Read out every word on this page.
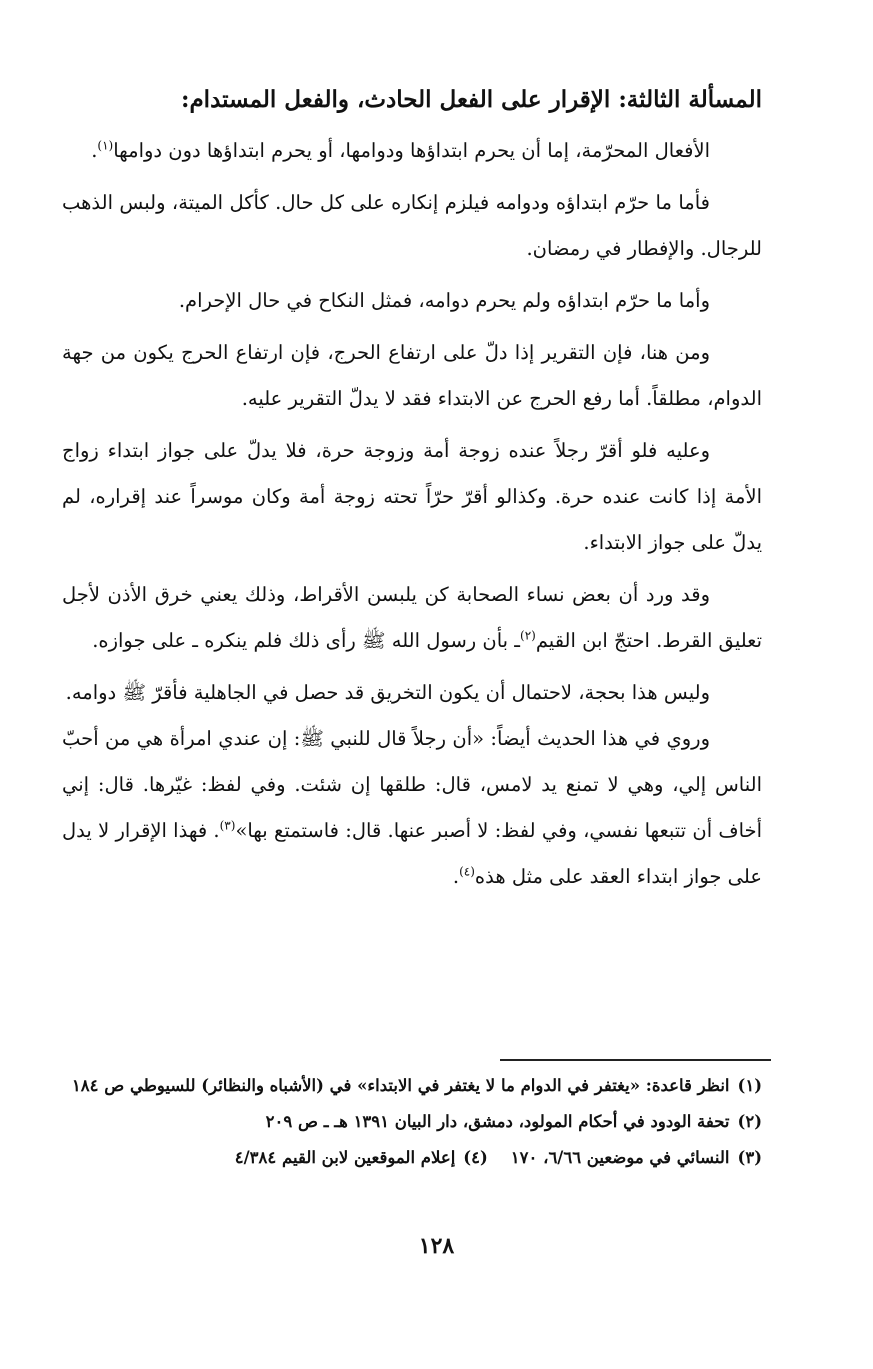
المسألة الثالثة: الإقرار على الفعل الحادث، والفعل المستدام:

الأفعال المحرّمة، إما أن يحرم ابتداؤها ودوامها، أو يحرم ابتداؤها دون دوامها$^{(١)}$.

فأما ما حرّم ابتداؤه ودوامه فيلزم إنكاره على كل حال. كأكل الميتة، ولبس الذهب للرجال. والإفطار في رمضان.

وأما ما حرّم ابتداؤه ولم يحرم دوامه، فمثل النكاح في حال الإحرام.

ومن هنا، فإن التقرير إذا دلّ على ارتفاع الحرج، فإن ارتفاع الحرج يكون من جهة الدوام، مطلقاً. أما رفع الحرج عن الابتداء فقد لا يدلّ التقرير عليه.

وعليه فلو أقرّ رجلاً عنده زوجة أمة وزوجة حرة، فلا يدلّ على جواز ابتداء زواج الأمة إذا كانت عنده حرة. وكذالو أقرّ حرّاً تحته زوجة أمة وكان موسراً عند إقراره، لم يدلّ على جواز الابتداء.

وقد ورد أن بعض نساء الصحابة كن يلبسن الأقراط، وذلك يعني خرق الأذن لأجل تعليق القرط. احتجّ ابن القيم$^{(٢)}$ـ بأن رسول الله ﷺ رأى ذلك فلم ينكره ـ على جوازه.

وليس هذا بحجة، لاحتمال أن يكون التخريق قد حصل في الجاهلية فأقرّ ﷺ دوامه.

وروي في هذا الحديث أيضاً: «أن رجلاً قال للنبي ﷺ: إن عندي امرأة هي من أحبّ الناس إلي، وهي لا تمنع يد لامس، قال: طلقها إن شئت. وفي لفظ: غيّرها. قال: إني أخاف أن تتبعها نفسي، وفي لفظ: لا أصبر عنها. قال: فاستمتع بها»$^{(٣)}$. فهذا الإقرار لا يدل على جواز ابتداء العقد على مثل هذه$^{(٤)}$.

(١)انظر قاعدة: «يغتفر في الدوام ما لا يغتفر في الابتداء» في (الأشباه والنظائر) للسيوطي ص ١٨٤

(٢)تحفة الودود في أحكام المولود، دمشق، دار البيان ١٣٩١ هـ ـ ص ٢٠٩

(٣)النسائي في موضعين ٦/٦٦، ١٧٠    (٤)إعلام الموقعين لابن القيم ٤/٣٨٤

١٢٨
